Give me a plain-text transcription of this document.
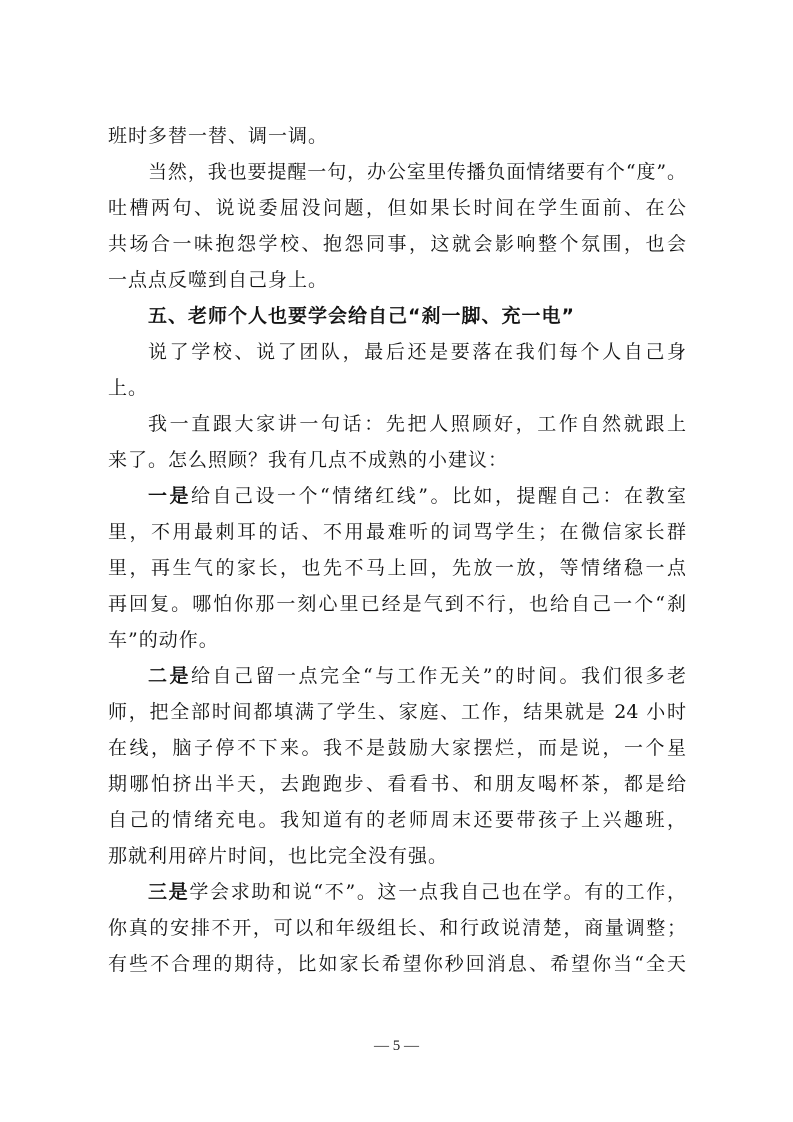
班时多替一替、调一调。
当然，我也要提醒一句，办公室里传播负面情绪要有个“度”。
吐槽两句、说说委屈没问题，但如果长时间在学生面前、在公
共场合一味抱怨学校、抱怨同事，这就会影响整个氛围，也会
一点点反噬到自己身上。
五、老师个人也要学会给自己“刹一脚、充一电”
说了学校、说了团队，最后还是要落在我们每个人自己身
上。
我一直跟大家讲一句话：先把人照顾好，工作自然就跟上
来了。怎么照顾？我有几点不成熟的小建议：
一是给自己设一个“情绪红线”。比如，提醒自己：在教室
里，不用最刺耳的话、不用最难听的词骂学生；在微信家长群
里，再生气的家长，也先不马上回，先放一放，等情绪稳一点
再回复。哪怕你那一刻心里已经是气到不行，也给自己一个“刹
车”的动作。
二是给自己留一点完全“与工作无关”的时间。我们很多老
师，把全部时间都填满了学生、家庭、工作，结果就是 24 小时
在线，脑子停不下来。我不是鼓励大家摆烂，而是说，一个星
期哪怕挤出半天，去跑跑步、看看书、和朋友喝杯茶，都是给
自己的情绪充电。我知道有的老师周末还要带孩子上兴趣班，
那就利用碎片时间，也比完全没有强。
三是学会求助和说“不”。这一点我自己也在学。有的工作，
你真的安排不开，可以和年级组长、和行政说清楚，商量调整；
有些不合理的期待，比如家长希望你秒回消息、希望你当“全天
— 5 —
